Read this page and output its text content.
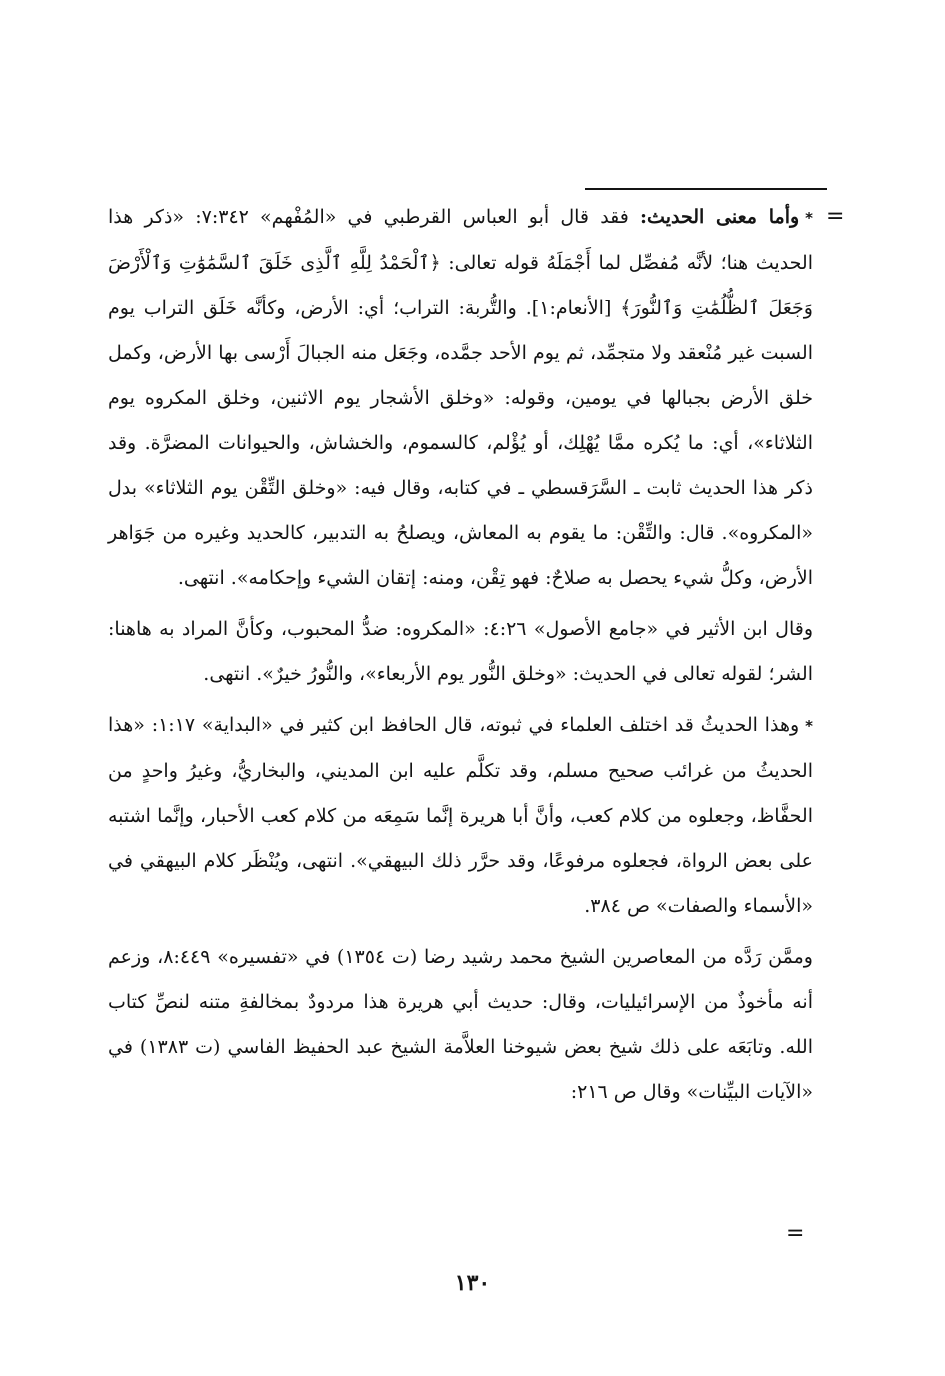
=

*وأما معنى الحديث: فقد قال أبو العباس القرطبي في «المُفْهم» ٧:٣٤٢: «ذكر هذا الحديث هنا؛ لأنَّه مُفصِّل لما أَجْمَلَهُ قوله تعالى: ﴿ٱلْحَمْدُ لِلَّهِ ٱلَّذِى خَلَقَ ٱلسَّمَٰوَٰتِ وَٱلْأَرْضَ وَجَعَلَ ٱلظُّلُمَٰتِ وَٱلنُّورَ﴾ [الأنعام:١]. والتُّربة: التراب؛ أي: الأرض، وكأنَّه خَلَق التراب يوم السبت غير مُنْعقد ولا متجمِّد، ثم يوم الأحد جمَّده، وجَعَل منه الجبالَ أَرْسى بها الأرض، وكمل خلق الأرض بجبالها في يومين، وقوله: «وخلق الأشجار يوم الاثنين، وخلق المكروه يوم الثلاثاء»، أي: ما يُكره ممَّا يُهْلِك، أو يُؤْلم، كالسموم، والخشاش، والحيوانات المضرَّة. وقد ذكر هذا الحديث ثابت ـ السَّرَقسطي ـ في كتابه، وقال فيه: «وخلق التِّقْن يوم الثلاثاء» بدل «المكروه». قال: والتِّقْن: ما يقوم به المعاش، ويصلحُ به التدبير، كالحديد وغيره من جَوَاهر الأرض، وكلُّ شيء يحصل به صلاحٌ: فهو تِقْن، ومنه: إتقان الشيء وإحكامه». انتهى.

وقال ابن الأثير في «جامع الأصول» ٤:٢٦: «المكروه: ضدُّ المحبوب، وكأنَّ المراد به هاهنا: الشر؛ لقوله تعالى في الحديث: «وخلق النُّور يوم الأربعاء»، والنُّورُ خيرٌ». انتهى.

*وهذا الحديثُ قد اختلف العلماء في ثبوته، قال الحافظ ابن كثير في «البداية» ١:١٧: «هذا الحديثُ من غرائب صحيح مسلم، وقد تكلَّم عليه ابن المديني، والبخاريُّ، وغيرُ واحدٍ من الحفَّاظ، وجعلوه من كلام كعب، وأنَّ أبا هريرة إنَّما سَمِعَه من كلام كعب الأحبار، وإنَّما اشتبه على بعض الرواة، فجعلوه مرفوعًا، وقد حرَّر ذلك البيهقي». انتهى، ويُنْظَر كلام البيهقي في «الأسماء والصفات» ص ٣٨٤.

وممَّن رَدَّه من المعاصرين الشيخ محمد رشيد رضا (ت ١٣٥٤) في «تفسيره» ٨:٤٤٩، وزعم أنه مأخوذٌ من الإسرائيليات، وقال: حديث أبي هريرة هذا مردودٌ بمخالفةِ متنه لنصِّ كتاب الله. وتابَعَه على ذلك شيخ بعض شيوخنا العلاَّمة الشيخ عبد الحفيظ الفاسي (ت ١٣٨٣) في «الآيات البيِّنات» وقال ص ٢١٦:

=
١٣٠
